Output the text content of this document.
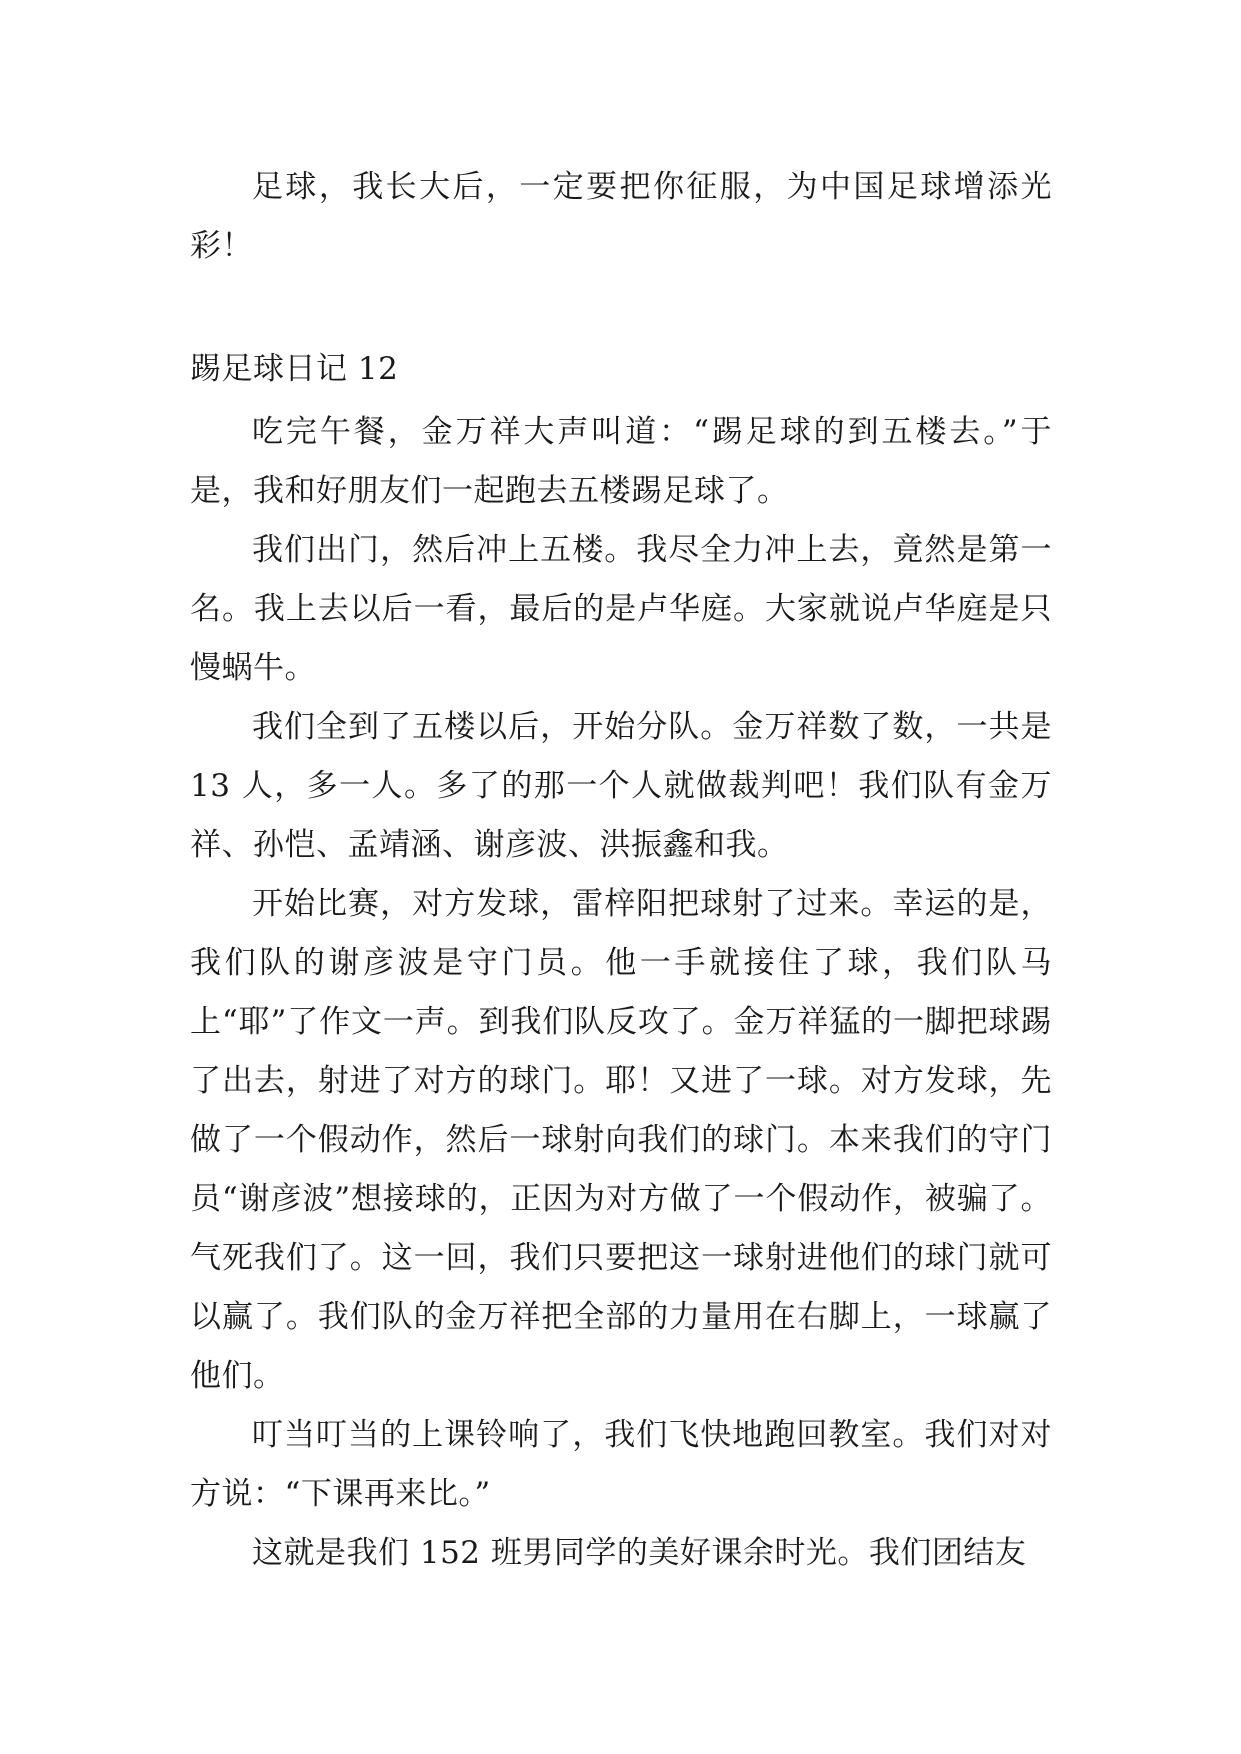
足球，我长大后，一定要把你征服，为中国足球增添光彩！

踢足球日记 12

吃完午餐，金万祥大声叫道：“踢足球的到五楼去。”于是，我和好朋友们一起跑去五楼踢足球了。

我们出门，然后冲上五楼。我尽全力冲上去，竟然是第一名。我上去以后一看，最后的是卢华庭。大家就说卢华庭是只慢蜗牛。

我们全到了五楼以后，开始分队。金万祥数了数，一共是 13 人，多一人。多了的那一个人就做裁判吧！我们队有金万祥、孙恺、孟靖涵、谢彦波、洪振鑫和我。

开始比赛，对方发球，雷梓阳把球射了过来。幸运的是，我们队的谢彦波是守门员。他一手就接住了球，我们队马上“耶”了作文一声。到我们队反攻了。金万祥猛的一脚把球踢了出去，射进了对方的球门。耶！又进了一球。对方发球，先做了一个假动作，然后一球射向我们的球门。本来我们的守门员“谢彦波”想接球的，正因为对方做了一个假动作，被骗了。气死我们了。这一回，我们只要把这一球射进他们的球门就可以赢了。我们队的金万祥把全部的力量用在右脚上，一球赢了他们。

叮当叮当的上课铃响了，我们飞快地跑回教室。我们对对方说：“下课再来比。”

这就是我们 152 班男同学的美好课余时光。我们团结友
